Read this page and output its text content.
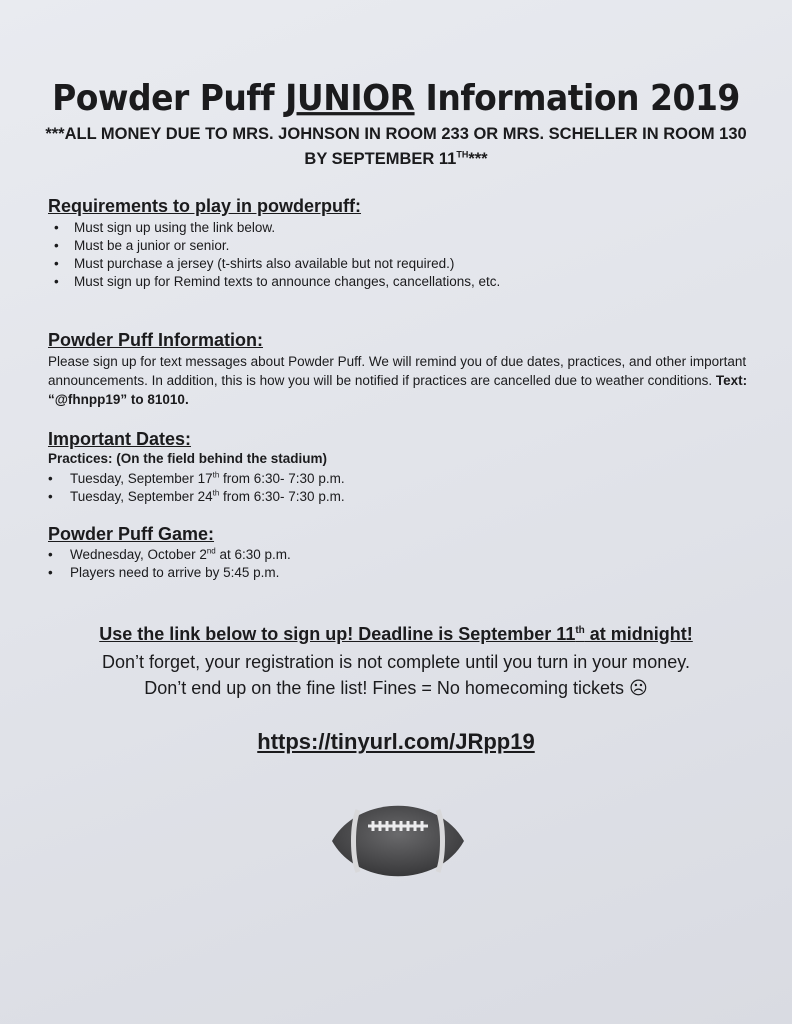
Powder Puff JUNIOR Information 2019
***ALL MONEY DUE TO MRS. JOHNSON IN ROOM 233 OR MRS. SCHELLER IN ROOM 130 BY SEPTEMBER 11TH***
Requirements to play in powderpuff:
• Must sign up using the link below.
• Must be a junior or senior.
• Must purchase a jersey (t-shirts also available but not required.)
• Must sign up for Remind texts to announce changes, cancellations, etc.
Powder Puff Information:

Please sign up for text messages about Powder Puff. We will remind you of due dates, practices, and other important announcements. In addition, this is how you will be notified if practices are cancelled due to weather conditions. Text: “@fhnpp19” to 81010.

Important Dates:
Practices: (On the field behind the stadium)
• Tuesday, September 17th from 6:30- 7:30 p.m.
• Tuesday, September 24th from 6:30- 7:30 p.m.
Powder Puff Game:
• Wednesday, October 2nd at 6:30 p.m.
• Players need to arrive by 5:45 p.m.
Use the link below to sign up! Deadline is September 11th at midnight!
Don’t forget, your registration is not complete until you turn in your money.
Don’t end up on the fine list! Fines = No homecoming tickets ☹
https://tinyurl.com/JRpp19
